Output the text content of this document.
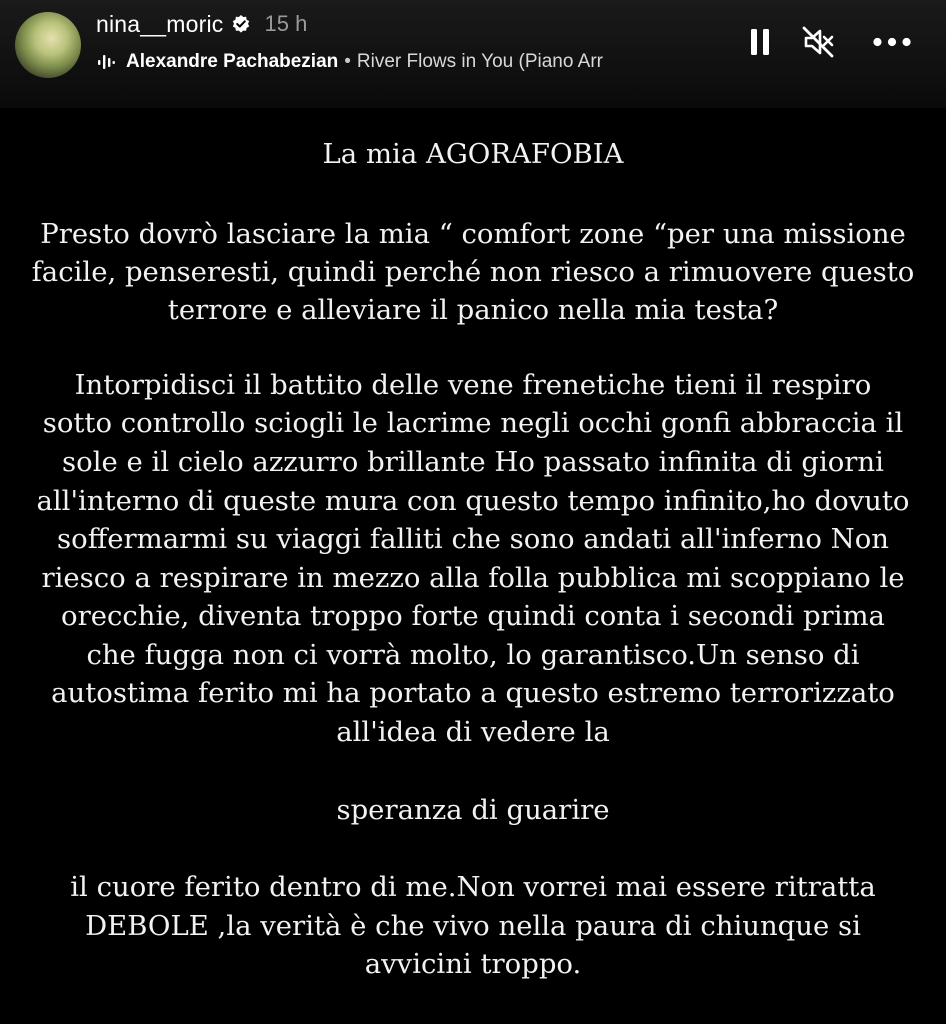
nina__moric 15 h
Alexandre Pachabezian • River Flows in You (Piano Arr
La mia AGORAFOBIA
Presto dovrò lasciare la mia “ comfort zone “per una missione
facile, penseresti, quindi perché non riesco a rimuovere questo
terrore e alleviare il panico nella mia testa?
Intorpidisci il battito delle vene frenetiche tieni il respiro
sotto controllo sciogli le lacrime negli occhi gonfi abbraccia il
sole e il cielo azzurro brillante Ho passato infinita di giorni
all'interno di queste mura con questo tempo infinito,ho dovuto
soffermarmi su viaggi falliti che sono andati all'inferno Non
riesco a respirare in mezzo alla folla pubblica mi scoppiano le
orecchie, diventa troppo forte quindi conta i secondi prima
che fugga non ci vorrà molto, lo garantisco.Un senso di
autostima ferito mi ha portato a questo estremo terrorizzato
all'idea di vedere la
speranza di guarire
il cuore ferito dentro di me.Non vorrei mai essere ritratta
DEBOLE ,la verità è che vivo nella paura di chiunque si
avvicini troppo.
